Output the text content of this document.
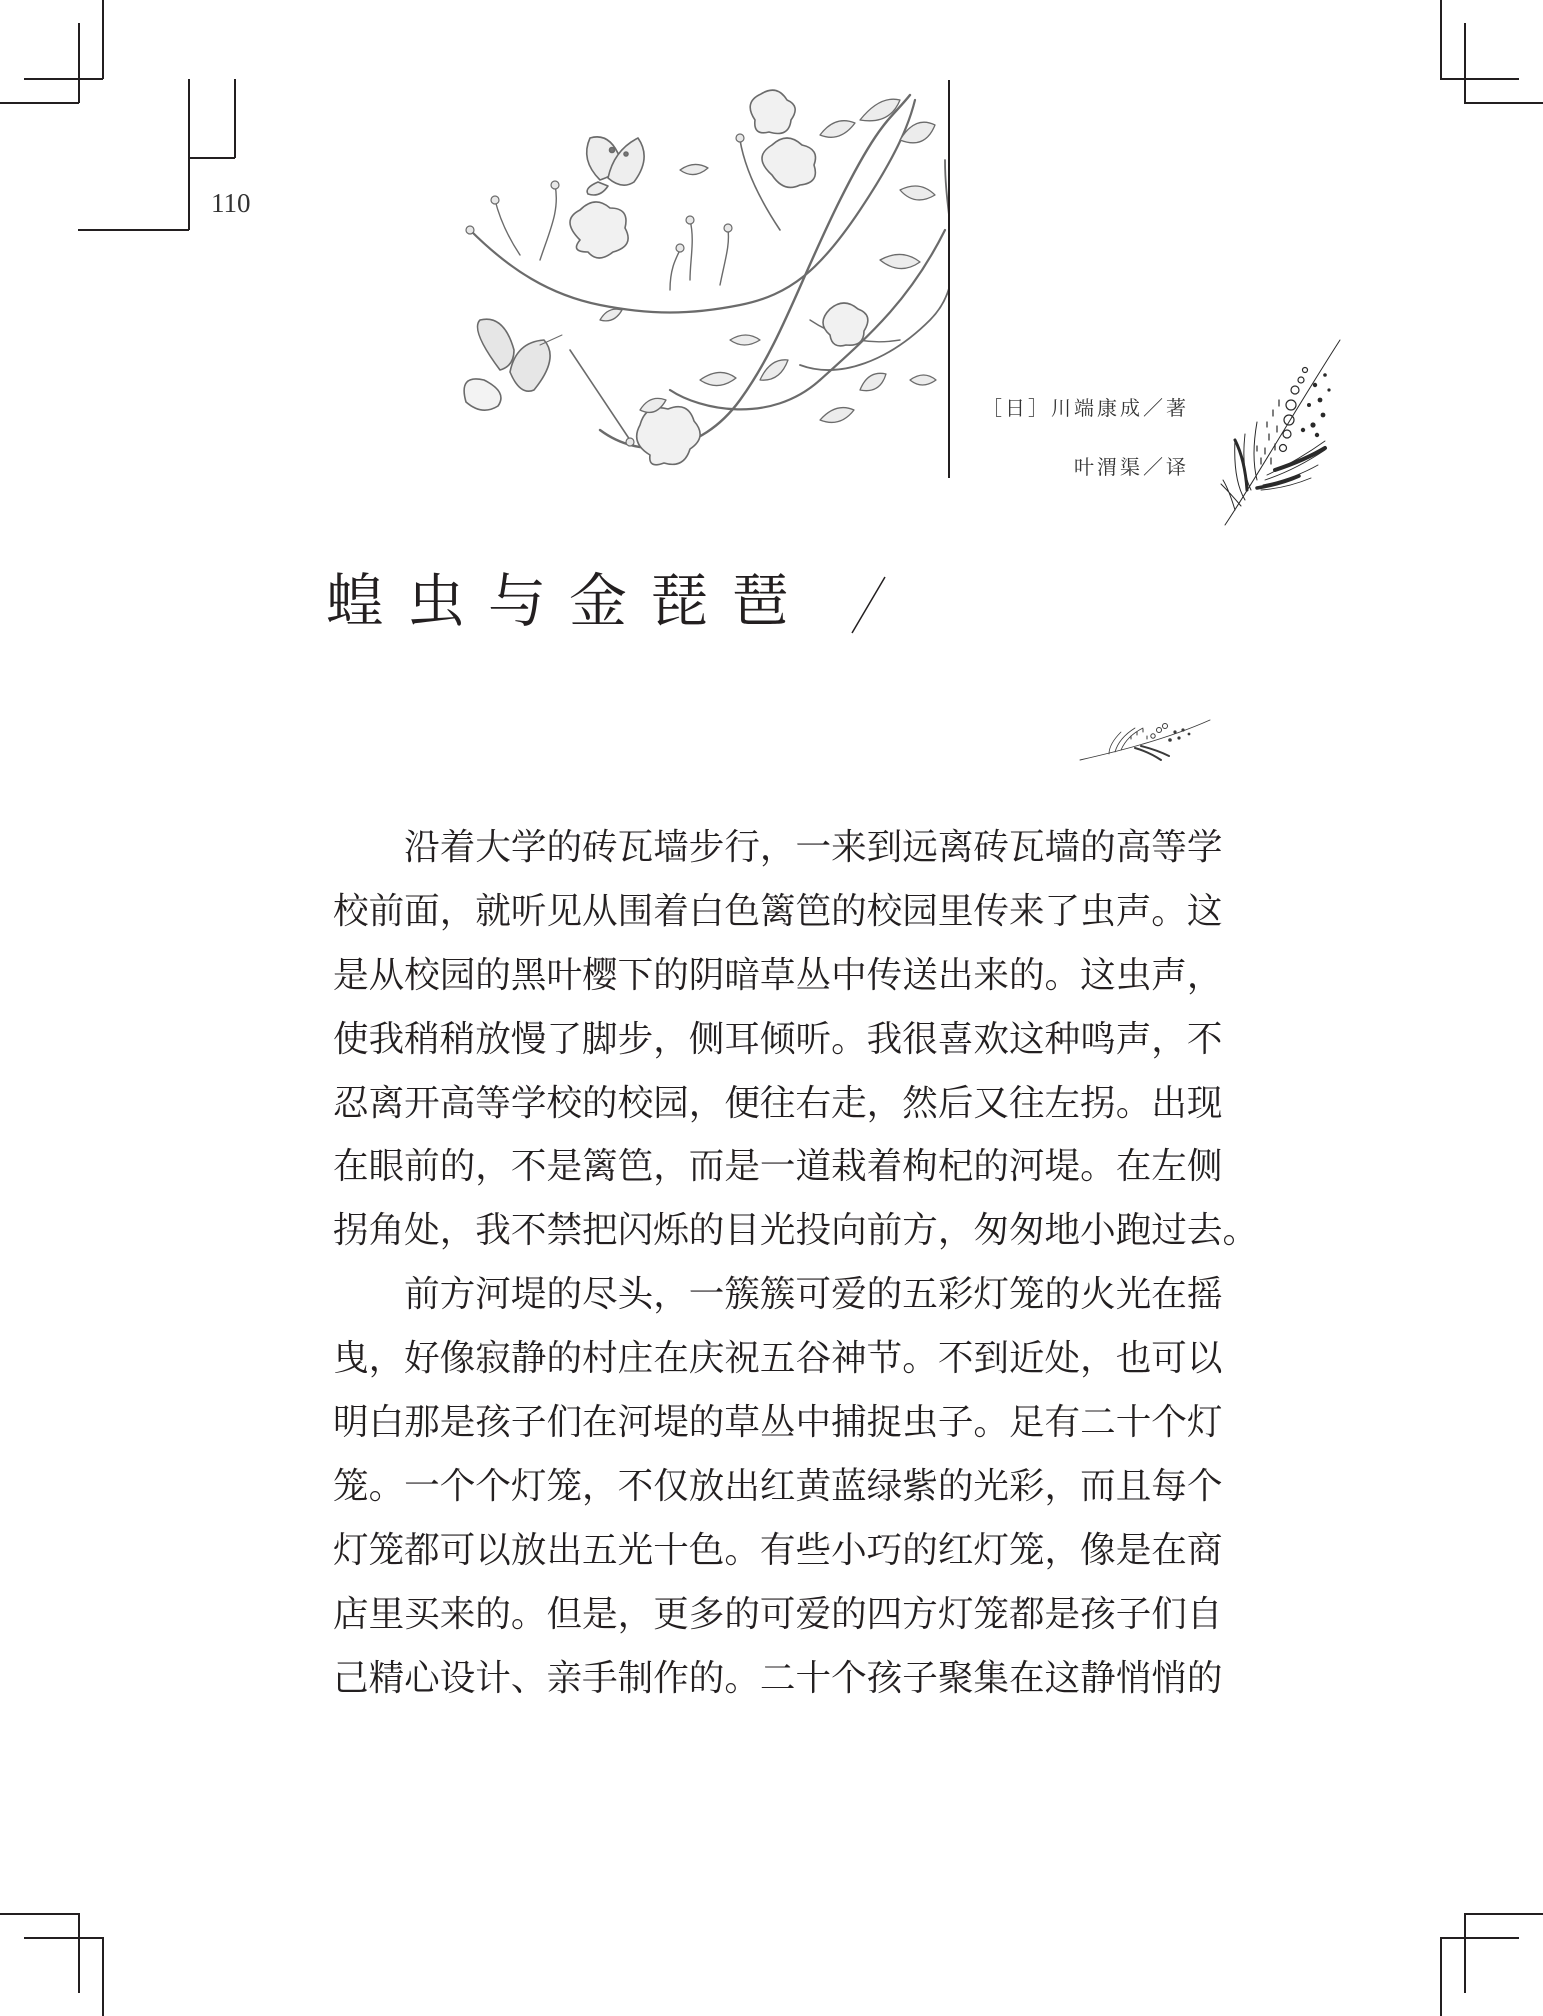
110
［日］川端康成／著
叶渭渠／译
蝗虫与金琵琶
　　沿着大学的砖瓦墙步行，一来到远离砖瓦墙的高等学
校前面，就听见从围着白色篱笆的校园里传来了虫声。这
是从校园的黑叶樱下的阴暗草丛中传送出来的。这虫声，
使我稍稍放慢了脚步，侧耳倾听。我很喜欢这种鸣声，不
忍离开高等学校的校园，便往右走，然后又往左拐。出现
在眼前的，不是篱笆，而是一道栽着枸杞的河堤。在左侧
拐角处，我不禁把闪烁的目光投向前方，匆匆地小跑过去。
　　前方河堤的尽头，一簇簇可爱的五彩灯笼的火光在摇
曳，好像寂静的村庄在庆祝五谷神节。不到近处，也可以
明白那是孩子们在河堤的草丛中捕捉虫子。足有二十个灯
笼。一个个灯笼，不仅放出红黄蓝绿紫的光彩，而且每个
灯笼都可以放出五光十色。有些小巧的红灯笼，像是在商
店里买来的。但是，更多的可爱的四方灯笼都是孩子们自
己精心设计、亲手制作的。二十个孩子聚集在这静悄悄的
